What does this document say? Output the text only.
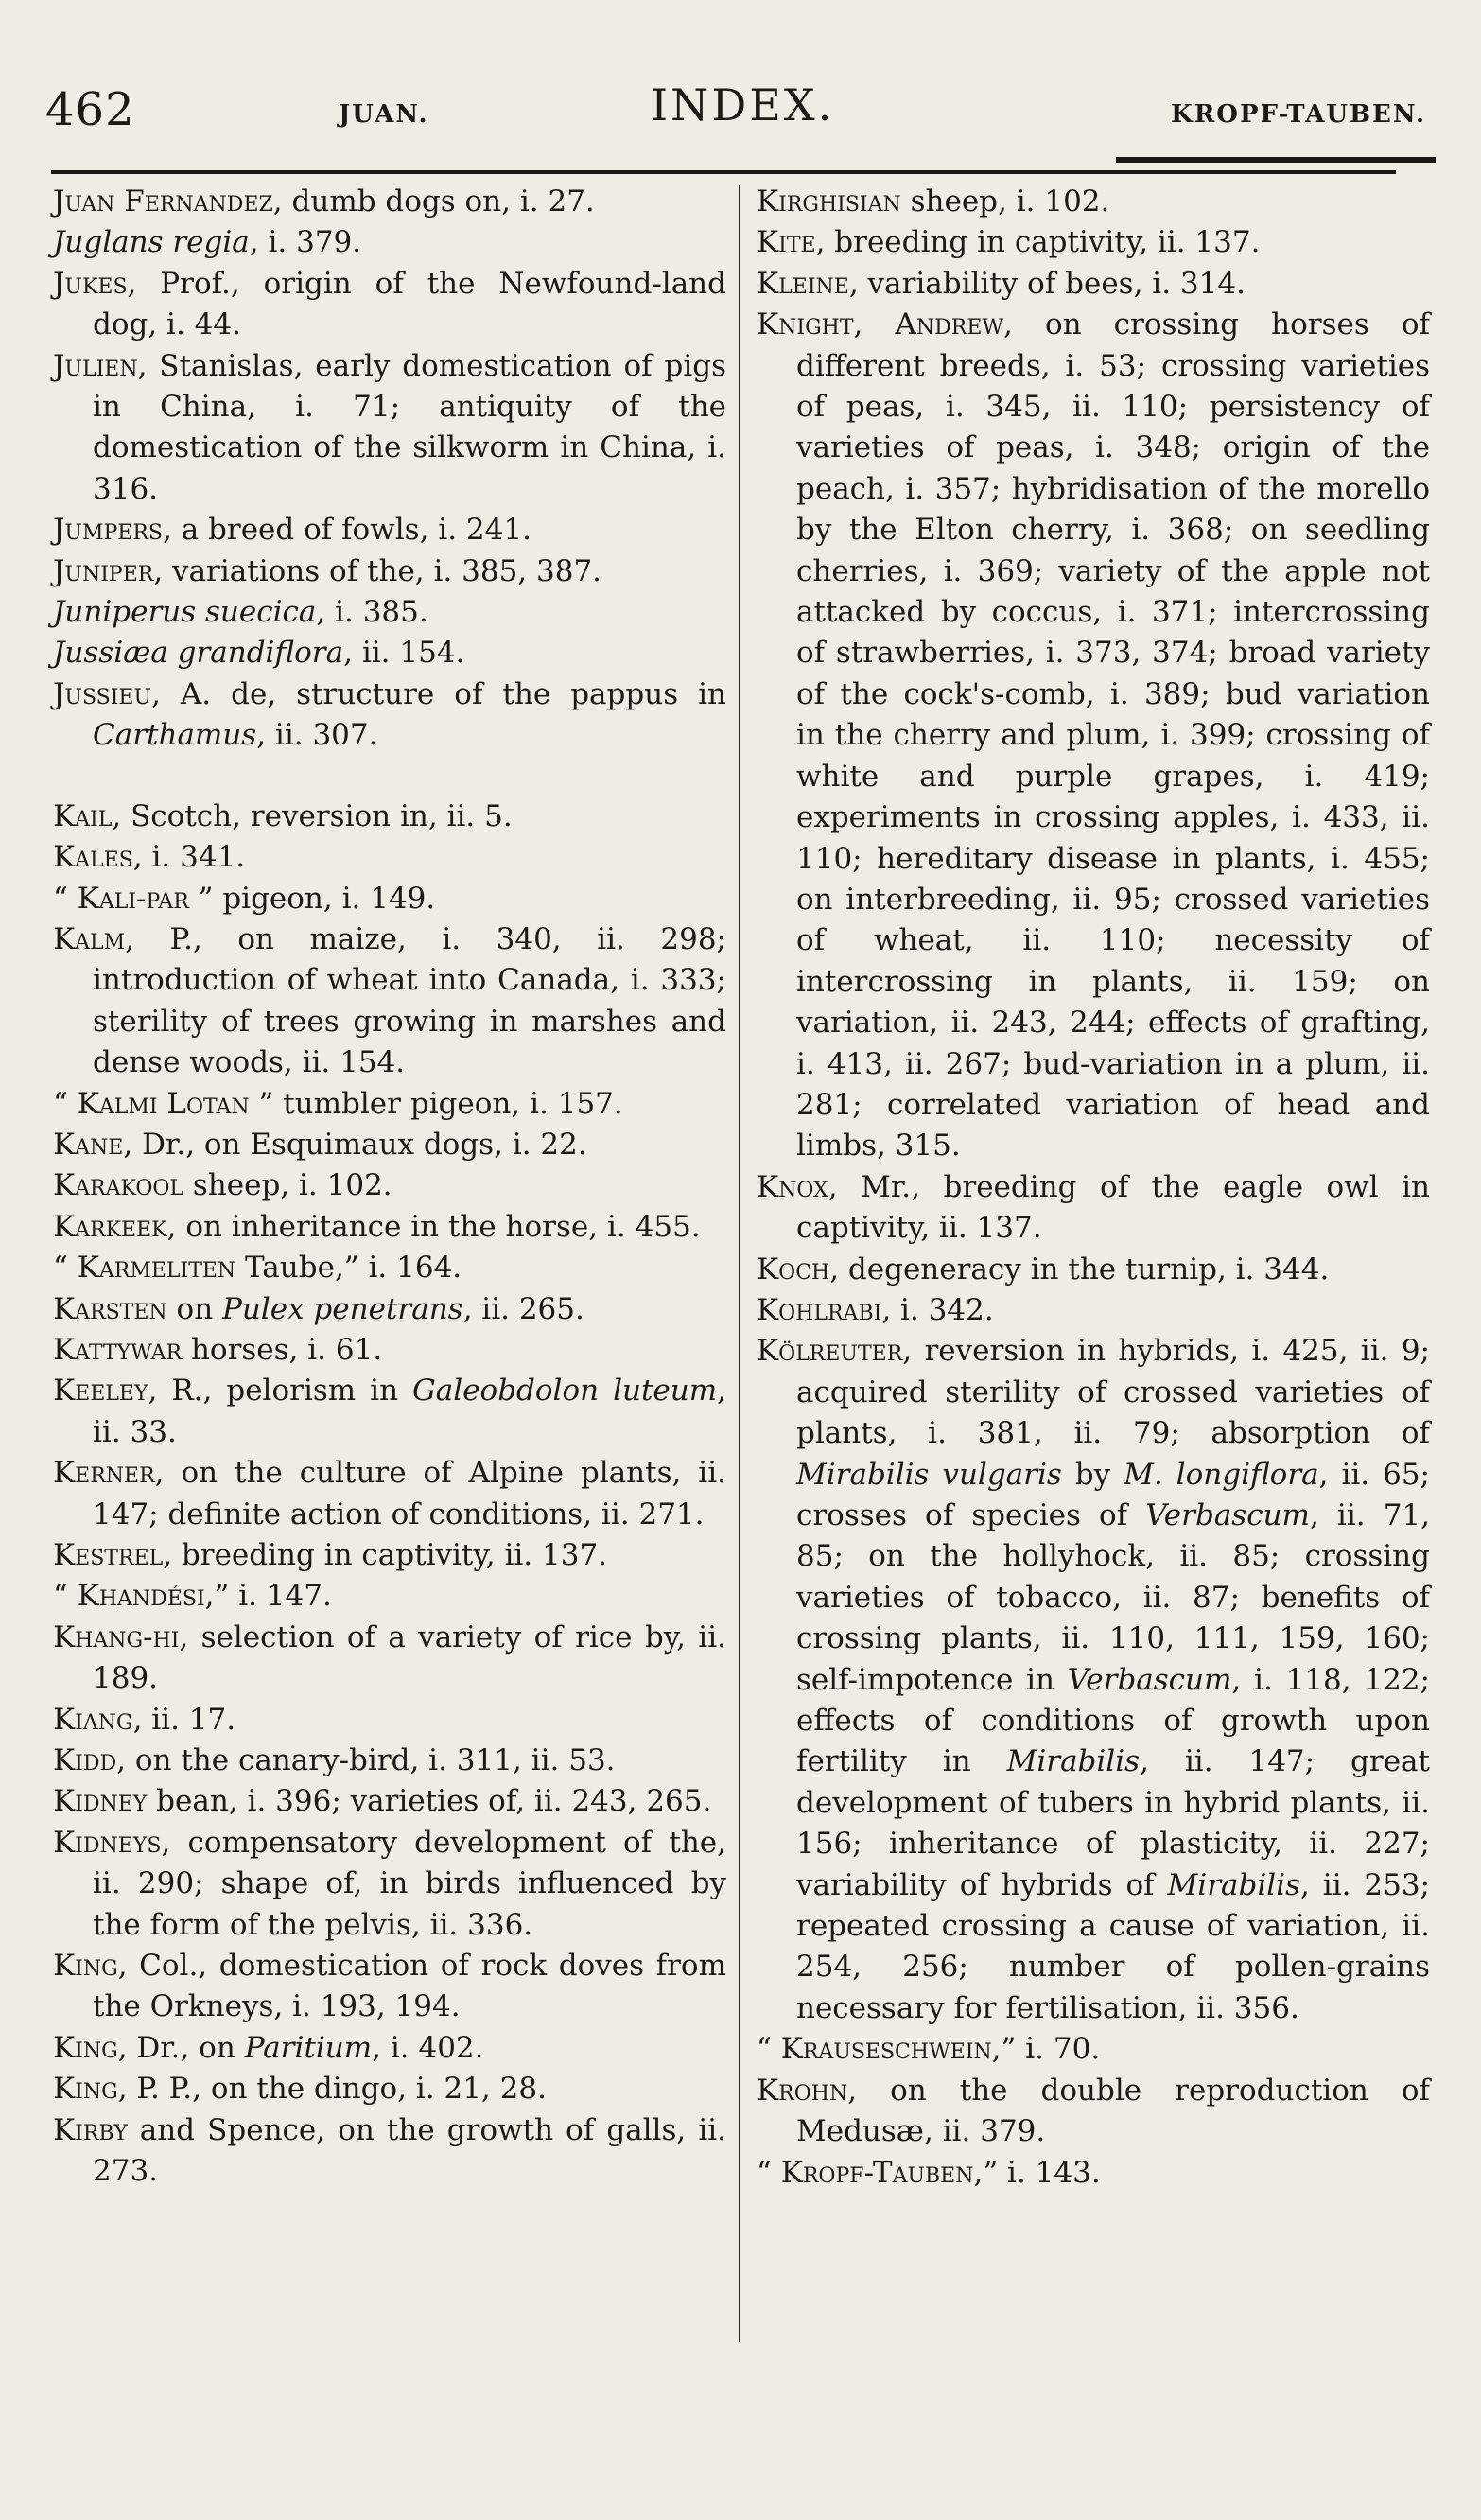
462	JUAN.	INDEX.	KROPF-TAUBEN.

Juan Fernandez, dumb dogs on, i. 27.

Juglans regia, i. 379.

Jukes, Prof., origin of the Newfound-land dog, i. 44.

Julien, Stanislas, early domestication of pigs in China, i. 71; antiquity of the domestication of the silkworm in China, i. 316.

Jumpers, a breed of fowls, i. 241.

Juniper, variations of the, i. 385, 387.

Juniperus suecica, i. 385.

Jussiæa grandiflora, ii. 154.

Jussieu, A. de, structure of the pappus in Carthamus, ii. 307.

Kail, Scotch, reversion in, ii. 5.

Kales, i. 341.

“ Kali-par ” pigeon, i. 149.

Kalm, P., on maize, i. 340, ii. 298; introduction of wheat into Canada, i. 333; sterility of trees growing in marshes and dense woods, ii. 154.

“ Kalmi Lotan ” tumbler pigeon, i. 157.

Kane, Dr., on Esquimaux dogs, i. 22.

Karakool sheep, i. 102.

Karkeek, on inheritance in the horse, i. 455.

“ Karmeliten Taube,” i. 164.

Karsten on Pulex penetrans, ii. 265.

Kattywar horses, i. 61.

Keeley, R., pelorism in Galeobdolon luteum, ii. 33.

Kerner, on the culture of Alpine plants, ii. 147; definite action of conditions, ii. 271.

Kestrel, breeding in captivity, ii. 137.

“ Khandési,” i. 147.

Khang-hi, selection of a variety of rice by, ii. 189.

Kiang, ii. 17.

Kidd, on the canary-bird, i. 311, ii. 53.

Kidney bean, i. 396; varieties of, ii. 243, 265.

Kidneys, compensatory development of the, ii. 290; shape of, in birds influenced by the form of the pelvis, ii. 336.

King, Col., domestication of rock doves from the Orkneys, i. 193, 194.

King, Dr., on Paritium, i. 402.

King, P. P., on the dingo, i. 21, 28.

Kirby and Spence, on the growth of galls, ii. 273.

Kirghisian sheep, i. 102.

Kite, breeding in captivity, ii. 137.

Kleine, variability of bees, i. 314.

Knight, Andrew, on crossing horses of different breeds, i. 53; crossing varieties of peas, i. 345, ii. 110; persistency of varieties of peas, i. 348; origin of the peach, i. 357; hybridisation of the morello by the Elton cherry, i. 368; on seedling cherries, i. 369; variety of the apple not attacked by coccus, i. 371; intercrossing of strawberries, i. 373, 374; broad variety of the cock's-comb, i. 389; bud variation in the cherry and plum, i. 399; crossing of white and purple grapes, i. 419; experiments in crossing apples, i. 433, ii. 110; hereditary disease in plants, i. 455; on interbreeding, ii. 95; crossed varieties of wheat, ii. 110; necessity of intercrossing in plants, ii. 159; on variation, ii. 243, 244; effects of grafting, i. 413, ii. 267; bud-variation in a plum, ii. 281; correlated variation of head and limbs, 315.

Knox, Mr., breeding of the eagle owl in captivity, ii. 137.

Koch, degeneracy in the turnip, i. 344.

Kohlrabi, i. 342.

Kölreuter, reversion in hybrids, i. 425, ii. 9; acquired sterility of crossed varieties of plants, i. 381, ii. 79; absorption of Mirabilis vulgaris by M. longiflora, ii. 65; crosses of species of Verbascum, ii. 71, 85; on the hollyhock, ii. 85; crossing varieties of tobacco, ii. 87; benefits of crossing plants, ii. 110, 111, 159, 160; self-impotence in Verbascum, i. 118, 122; effects of conditions of growth upon fertility in Mirabilis, ii. 147; great development of tubers in hybrid plants, ii. 156; inheritance of plasticity, ii. 227; variability of hybrids of Mirabilis, ii. 253; repeated crossing a cause of variation, ii. 254, 256; number of pollen-grains necessary for fertilisation, ii. 356.

“ Krauseschwein,” i. 70.

Krohn, on the double reproduction of Medusæ, ii. 379.

“ Kropf-Tauben,” i. 143.
